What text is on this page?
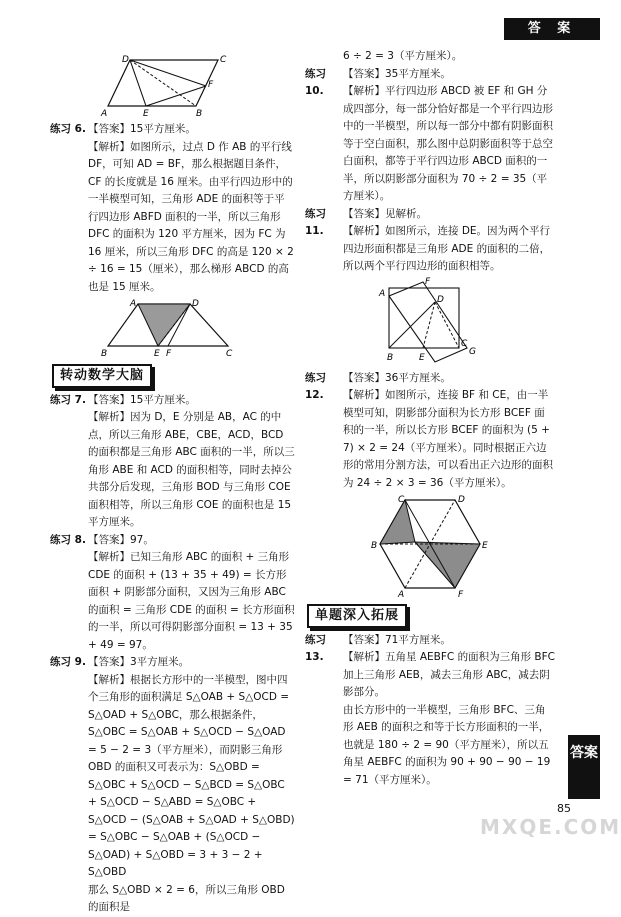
答 案
答案
D	C
F
A	E	B
练习 6. 【答案】15平方厘米。

【解析】如图所示，过点 D 作 AB 的平行线 DF，可知 AD = BF，那么根据题目条件，CF 的长度就是 16 厘米。由平行四边形中的一半模型可知，三角形 ADE 的面积等于平行四边形 ABFD 面积的一半，所以三角形 DFC 的面积为 120 平方厘米，因为 FC 为 16 厘米，所以三角形 DFC 的高是 120 × 2 ÷ 16 = 15（厘米），那么梯形 ABCD 的高也是 15 厘米。

A	D
B	E F	C
转动数学大脑
练习 7. 【答案】15平方厘米。

【解析】因为 D，E 分别是 AB，AC 的中点，所以三角形 ABE，CBE，ACD，BCD 的面积都是三角形 ABC 面积的一半，所以三角形 ABE 和 ACD 的面积相等，同时去掉公共部分后发现，三角形 BOD 与三角形 COE 面积相等，所以三角形 COE 的面积也是 15 平方厘米。

练习 8. 【答案】97。

【解析】已知三角形 ABC 的面积 + 三角形 CDE 的面积 + (13 + 35 + 49) = 长方形面积 + 阴影部分面积，又因为三角形 ABC 的面积 = 三角形 CDE 的面积 = 长方形面积的一半，所以可得阴影部分面积 = 13 + 35 + 49 = 97。

练习 9. 【答案】3平方厘米。

【解析】根据长方形中的一半模型，图中四个三角形的面积满足 S△OAB + S△OCD = S△OAD + S△OBC，那么根据条件，S△OBC = S△OAB + S△OCD − S△OAD = 5 − 2 = 3（平方厘米），而阴影三角形 OBD 的面积又可表示为：S△OBD = S△OBC + S△OCD − S△BCD = S△OBC + S△OCD − S△ABD = S△OBC + S△OCD − (S△OAB + S△OAD + S△OBD) = S△OBC − S△OAB + (S△OCD − S△OAD) + S△OBD = 3 + 3 − 2 + S△OBD

那么 S△OBD × 2 = 6，所以三角形 OBD 的面积是

6 ÷ 2 = 3（平方厘米）。

练习 10.

【答案】35平方厘米。

【解析】平行四边形 ABCD 被 EF 和 GH 分成四部分，每一部分恰好都是一个平行四边形中的一半模型，所以每一部分中都有阴影面积等于空白面积，那么图中总阴影面积等于总空白面积，都等于平行四边形 ABCD 面积的一半，所以阴影部分面积为 70 ÷ 2 = 35（平方厘米）。

练习 11.

【答案】见解析。

【解析】如图所示，连接 DE。因为两个平行四边形面积都是三角形 ADE 的面积的二倍，所以两个平行四边形的面积相等。

F
A
D
C
G
B	E
练习 12.

【答案】36平方厘米。

【解析】如图所示，连接 BF 和 CE，由一半模型可知，阴影部分面积为长方形 BCEF 面积的一半，所以长方形 BCEF 的面积为 (5 + 7) × 2 = 24（平方厘米）。同时根据正六边形的常用分割方法，可以看出正六边形的面积为 24 ÷ 2 × 3 = 36（平方厘米）。

C	D
B	E
A	F
单题深入拓展
练习 13.

【答案】71平方厘米。

【解析】五角星 AEBFC 的面积为三角形 BFC 加上三角形 AEB，减去三角形 ABC，减去阴影部分。

由长方形中的一半模型，三角形 BFC、三角形 AEB 的面积之和等于长方形面积的一半，也就是 180 ÷ 2 = 90（平方厘米），所以五角星 AEBFC 的面积为 90 + 90 − 90 − 19 = 71（平方厘米）。

85
MXQE.COM
